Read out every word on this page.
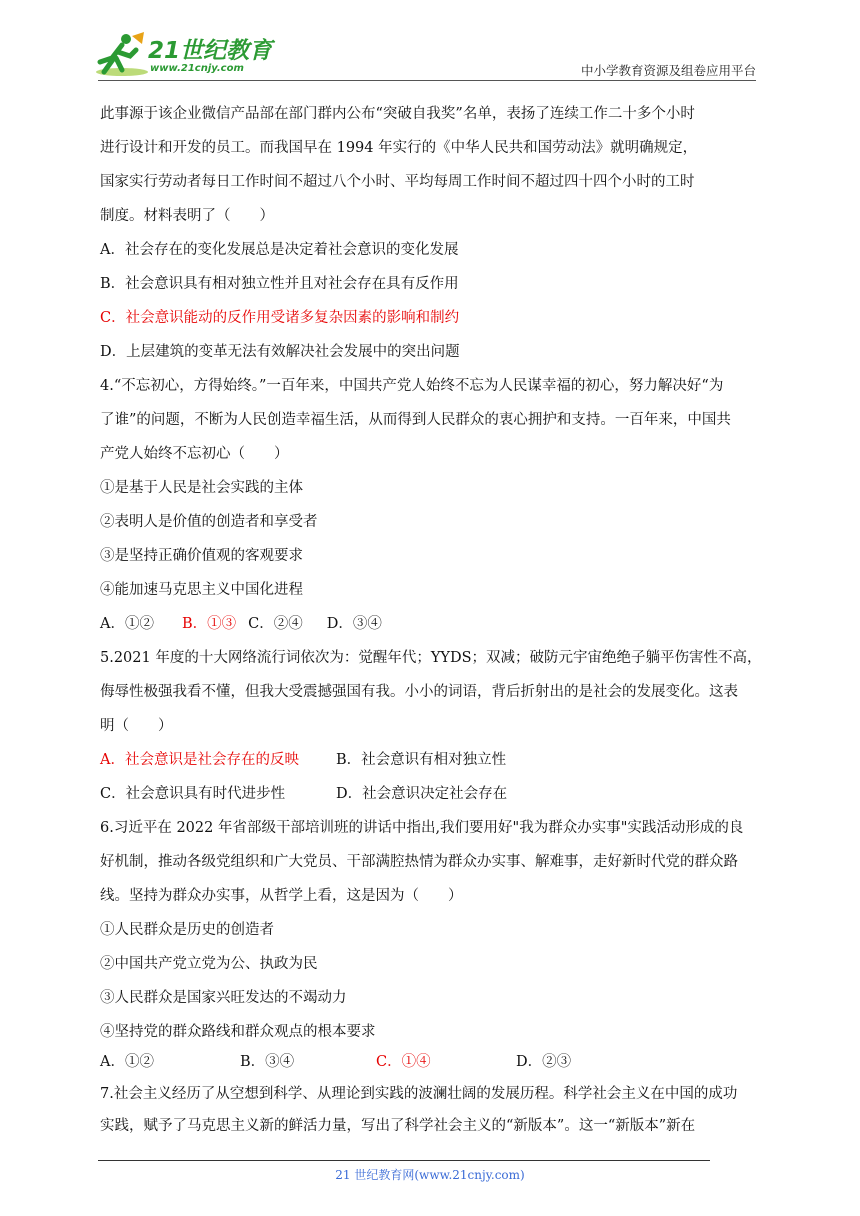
21世纪教育
www.21cnjy.com	中小学教育资源及组卷应用平台
此事源于该企业微信产品部在部门群内公布“突破自我奖”名单，表扬了连续工作二十多个小时
进行设计和开发的员工。而我国早在 1994 年实行的《中华人民共和国劳动法》就明确规定，
国家实行劳动者每日工作时间不超过八个小时、平均每周工作时间不超过四十四个小时的工时
制度。材料表明了（　　）
A．社会存在的变化发展总是决定着社会意识的变化发展
B．社会意识具有相对独立性并且对社会存在具有反作用
C．社会意识能动的反作用受诸多复杂因素的影响和制约
D．上层建筑的变革无法有效解决社会发展中的突出问题
4.“不忘初心，方得始终。”一百年来，中国共产党人始终不忘为人民谋幸福的初心，努力解决好“为
了谁”的问题，不断为人民创造幸福生活，从而得到人民群众的衷心拥护和支持。一百年来，中国共
产党人始终不忘初心（　　）
①是基于人民是社会实践的主体
②表明人是价值的创造者和享受者
③是坚持正确价值观的客观要求
④能加速马克思主义中国化进程
A．①② B．①③ C．②④ D．③④
5.2021 年度的十大网络流行词依次为：觉醒年代；YYDS；双减；破防元宇宙绝绝子躺平伤害性不高，
侮辱性极强我看不懂，但我大受震撼强国有我。小小的词语，背后折射出的是社会的发展变化。这表
明（　　）
A．社会意识是社会存在的反映	B．社会意识有相对独立性
C．社会意识具有时代进步性	D．社会意识决定社会存在
6.习近平在 2022 年省部级干部培训班的讲话中指出,我们要用好"我为群众办实事"实践活动形成的良
好机制，推动各级党组织和广大党员、干部满腔热情为群众办实事、解难事，走好新时代党的群众路
线。坚持为群众办实事，从哲学上看，这是因为（　　）
①人民群众是历史的创造者
②中国共产党立党为公、执政为民
③人民群众是国家兴旺发达的不竭动力
④坚持党的群众路线和群众观点的根本要求
A．①②	B．③④	C．①④	D．②③
7.社会主义经历了从空想到科学、从理论到实践的波澜壮阔的发展历程。科学社会主义在中国的成功
实践，赋予了马克思主义新的鲜活力量，写出了科学社会主义的“新版本”。这一“新版本”新在
21 世纪教育网(www.21cnjy.com)
